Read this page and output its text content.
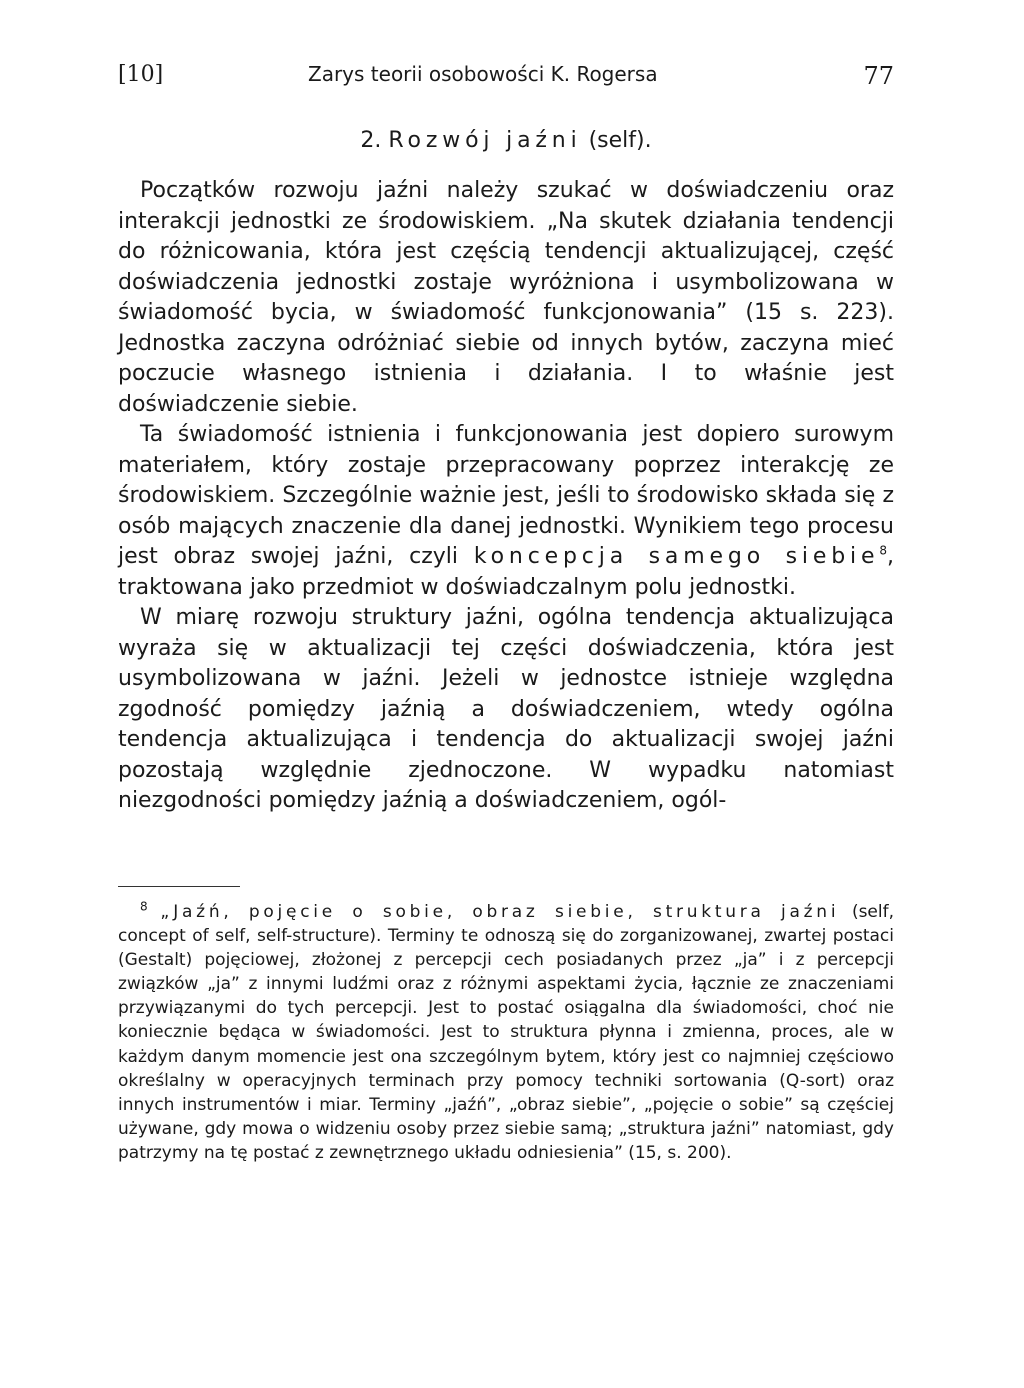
[10]	Zarys teorii osobowości K. Rogersa	77
2. Rozwój jaźni (self).

Początków rozwoju jaźni należy szukać w doświadczeniu oraz interakcji jednostki ze środowiskiem. „Na skutek działania tendencji do różnicowania, która jest częścią tendencji aktualizującej, część doświadczenia jednostki zostaje wyróżniona i usymbolizowana w świadomość bycia, w świadomość funkcjonowania” (15 s. 223). Jednostka zaczyna odróżniać siebie od innych bytów, zaczyna mieć poczucie własnego istnienia i działania. I to właśnie jest doświadczenie siebie.

Ta świadomość istnienia i funkcjonowania jest dopiero surowym materiałem, który zostaje przepracowany poprzez interakcję ze środowiskiem. Szczególnie ważnie jest, jeśli to środowisko składa się z osób mających znaczenie dla danej jednostki. Wynikiem tego procesu jest obraz swojej jaźni, czyli koncepcja samego siebie$^8$, traktowana jako przedmiot w doświadczalnym polu jednostki.

W miarę rozwoju struktury jaźni, ogólna tendencja aktualizująca wyraża się w aktualizacji tej części doświadczenia, która jest usymbolizowana w jaźni. Jeżeli w jednostce istnieje względna zgodność pomiędzy jaźnią a doświadczeniem, wtedy ogólna tendencja aktualizująca i tendencja do aktualizacji swojej jaźni pozostają względnie zjednoczone. W wypadku natomiast niezgodności pomiędzy jaźnią a doświadczeniem, ogól-

$^8$ „Jaźń, pojęcie o sobie, obraz siebie, struktura jaźni (self, concept of self, self-structure). Terminy te odnoszą się do zorganizowanej, zwartej postaci (Gestalt) pojęciowej, złożonej z percepcji cech posiadanych przez „ja” i z percepcji związków „ja” z innymi ludźmi oraz z różnymi aspektami życia, łącznie ze znaczeniami przywiązanymi do tych percepcji. Jest to postać osiągalna dla świadomości, choć nie koniecznie będąca w świadomości. Jest to struktura płynna i zmienna, proces, ale w każdym danym momencie jest ona szczególnym bytem, który jest co najmniej częściowo określalny w operacyjnych terminach przy pomocy techniki sortowania (Q-sort) oraz innych instrumentów i miar. Terminy „jaźń”, „obraz siebie”, „pojęcie o sobie” są częściej używane, gdy mowa o widzeniu osoby przez siebie samą; „struktura jaźni” natomiast, gdy patrzymy na tę postać z zewnętrznego układu odniesienia” (15, s. 200).
